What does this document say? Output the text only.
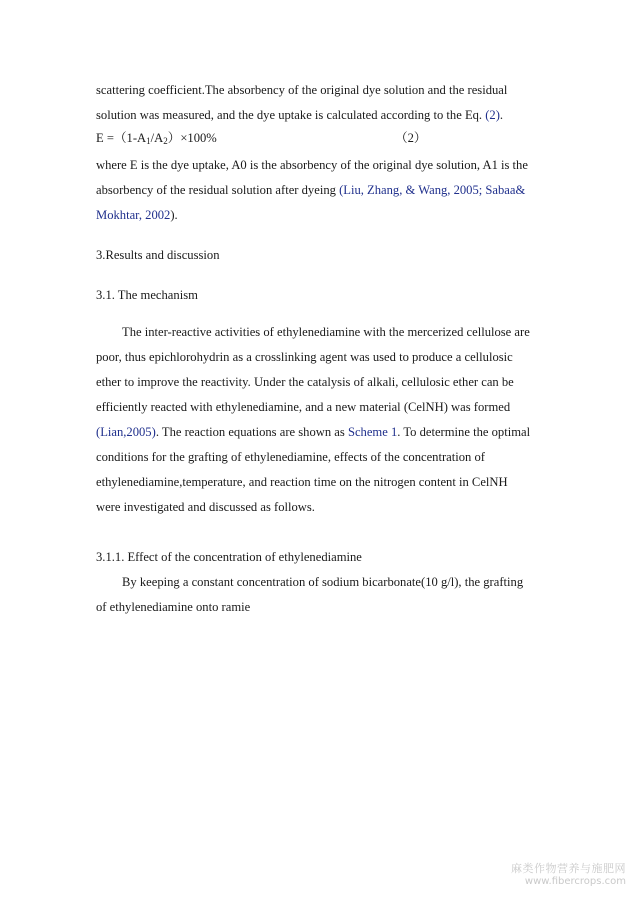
scattering coefficient.The absorbency of the original dye solution and the residual
solution was measured, and the dye uptake is calculated according to the Eq. (2).
$E =(1-A_1/A_2)\times 100\%$	（2）
where E is the dye uptake, A0 is the absorbency of the original dye solution, A1 is the
absorbency of the residual solution after dyeing (Liu, Zhang, & Wang, 2005; Sabaa&
Mokhtar, 2002).
3.Results and discussion
3.1. The mechanism
The inter-reactive activities of ethylenediamine with the mercerized cellulose are
poor, thus epichlorohydrin as a crosslinking agent was used to produce a cellulosic
ether to improve the reactivity. Under the catalysis of alkali, cellulosic ether can be
efficiently reacted with ethylenediamine, and a new material (CelNH) was formed
(Lian,2005). The reaction equations are shown as Scheme 1. To determine the optimal
conditions for the grafting of ethylenediamine, effects of the concentration of
ethylenediamine,temperature, and reaction time on the nitrogen content in CelNH
were investigated and discussed as follows.
3.1.1. Effect of the concentration of ethylenediamine
By keeping a constant concentration of sodium bicarbonate(10 g/l), the grafting
of ethylenediamine onto ramie
麻类作物营养与施肥网
www.fibercrops.com
